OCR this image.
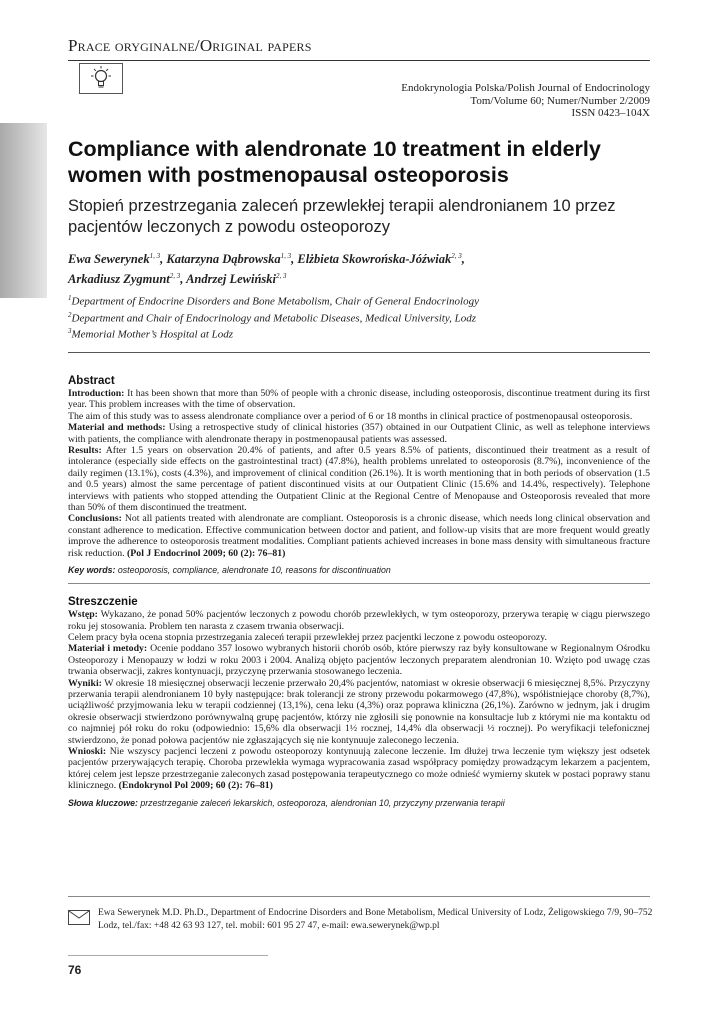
Prace oryginalne/Original papers
Endokrynologia Polska/Polish Journal of Endocrinology
Tom/Volume 60; Numer/Number 2/2009
ISSN 0423–104X
Compliance with alendronate 10 treatment in elderly women with postmenopausal osteoporosis
Stopień przestrzegania zaleceń przewlekłej terapii alendronianem 10 przez pacjentów leczonych z powodu osteoporozy
Ewa Sewerynek$^{1, 3}$, Katarzyna Dąbrowska$^{1, 3}$, Elżbieta Skowrońska-Jóźwiak$^{2, 3}$,
Arkadiusz Zygmunt$^{2, 3}$, Andrzej Lewiński$^{2, 3}$
$^1$Department of Endocrine Disorders and Bone Metabolism, Chair of General Endocrinology
$^2$Department and Chair of Endocrinology and Metabolic Diseases, Medical University, Lodz
$^3$Memorial Mother’s Hospital at Lodz
Abstract

Introduction: It has been shown that more than 50% of people with a chronic disease, including osteoporosis, discontinue treatment during its first year. This problem increases with the time of observation.

The aim of this study was to assess alendronate compliance over a period of 6 or 18 months in clinical practice of postmenopausal osteoporosis.

Material and methods: Using a retrospective study of clinical histories (357) obtained in our Outpatient Clinic, as well as telephone interviews with patients, the compliance with alendronate therapy in postmenopausal patients was assessed.

Results: After 1.5 years on observation 20.4% of patients, and after 0.5 years 8.5% of patients, discontinued their treatment as a result of intolerance (especially side effects on the gastrointestinal tract) (47.8%), health problems unrelated to osteoporosis (8.7%), inconvenience of the daily regimen (13.1%), costs (4.3%), and improvement of clinical condition (26.1%). It is worth mentioning that in both periods of observation (1.5 and 0.5 years) almost the same percentage of patient discontinued visits at our Outpatient Clinic (15.6% and 14.4%, respectively). Telephone interviews with patients who stopped attending the Outpatient Clinic at the Regional Centre of Menopause and Osteoporosis revealed that more than 50% of them discontinued the treatment.

Conclusions: Not all patients treated with alendronate are compliant. Osteoporosis is a chronic disease, which needs long clinical observation and constant adherence to medication. Effective communication between doctor and patient, and follow-up visits that are more frequent would greatly improve the adherence to osteoporosis treatment modalities. Compliant patients achieved increases in bone mass density with simultaneous fracture risk reduction. (Pol J Endocrinol 2009; 60 (2): 76–81)

Key words: osteoporosis, compliance, alendronate 10, reasons for discontinuation
Streszczenie

Wstęp: Wykazano, że ponad 50% pacjentów leczonych z powodu chorób przewlekłych, w tym osteoporozy, przerywa terapię w ciągu pierwszego roku jej stosowania. Problem ten narasta z czasem trwania obserwacji.

Celem pracy była ocena stopnia przestrzegania zaleceń terapii przewlekłej przez pacjentki leczone z powodu osteoporozy.

Materiał i metody: Ocenie poddano 357 losowo wybranych historii chorób osób, które pierwszy raz były konsultowane w Regionalnym Ośrodku Osteoporozy i Menopauzy w łodzi w roku 2003 i 2004. Analizą objęto pacjentów leczonych preparatem alendronian 10. Wzięto pod uwagę czas trwania obserwacji, zakres kontynuacji, przyczynę przerwania stosowanego leczenia.

Wyniki: W okresie 18 miesięcznej obserwacji leczenie przerwało 20,4% pacjentów, natomiast w okresie obserwacji 6 miesięcznej 8,5%. Przyczyny przerwania terapii alendronianem 10 były następujące: brak tolerancji ze strony przewodu pokarmowego (47,8%), współistniejące choroby (8,7%), uciążliwość przyjmowania leku w terapii codziennej (13,1%), cena leku (4,3%) oraz poprawa kliniczna (26,1%). Zarówno w jednym, jak i drugim okresie obserwacji stwierdzono porównywalną grupę pacjentów, którzy nie zgłosili się ponownie na konsultacje lub z którymi nie ma kontaktu od co najmniej pół roku do roku (odpowiednio: 15,6% dla obserwacji 1½ rocznej, 14,4% dla obserwacji ½ rocznej). Po weryfikacji telefonicznej stwierdzono, że ponad połowa pacjentów nie zgłaszających się nie kontynuuje zaleconego leczenia.

Wnioski: Nie wszyscy pacjenci leczeni z powodu osteoporozy kontynuują zalecone leczenie. Im dłużej trwa leczenie tym większy jest odsetek pacjentów przerywających terapię. Choroba przewlekła wymaga wypracowania zasad współpracy pomiędzy prowadzącym lekarzem a pacjentem, której celem jest lepsze przestrzeganie zaleconych zasad postępowania terapeutycznego co może odnieść wymierny skutek w postaci poprawy stanu klinicznego. (Endokrynol Pol 2009; 60 (2): 76–81)

Słowa kluczowe: przestrzeganie zaleceń lekarskich, osteoporoza, alendronian 10, przyczyny przerwania terapii
Ewa Sewerynek M.D. Ph.D., Department of Endocrine Disorders and Bone Metabolism, Medical University of Lodz, Żeligowskiego 7/9, 90–752 Lodz, tel./fax: +48 42 63 93 127, tel. mobil: 601 95 27 47, e-mail: ewa.sewerynek@wp.pl
76
